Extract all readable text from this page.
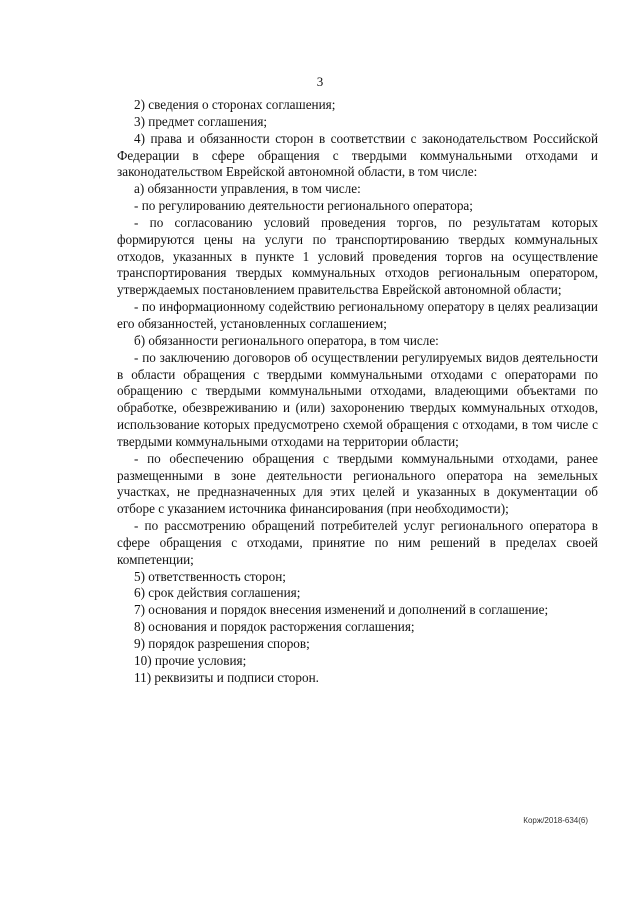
3

2) сведения о сторонах соглашения;

3) предмет соглашения;

4) права и обязанности сторон в соответствии с законодательством Российской Федерации в сфере обращения с твердыми коммунальными отходами и законодательством Еврейской автономной области, в том числе:

а) обязанности управления, в том числе:

- по регулированию деятельности регионального оператора;

- по согласованию условий проведения торгов, по результатам которых формируются цены на услуги по транспортированию твердых коммунальных отходов, указанных в пункте 1 условий проведения торгов на осуществление транспортирования твердых коммунальных отходов региональным оператором, утверждаемых постановлением правительства Еврейской автономной области;

- по информационному содействию региональному оператору в целях реализации его обязанностей, установленных соглашением;

б) обязанности регионального оператора, в том числе:

- по заключению договоров об осуществлении регулируемых видов деятельности в области обращения с твердыми коммунальными отходами с операторами по обращению с твердыми коммунальными отходами, владеющими объектами по обработке, обезвреживанию и (или) захоронению твердых коммунальных отходов, использование которых предусмотрено схемой обращения с отходами, в том числе с твердыми коммунальными отходами на территории области;

- по обеспечению обращения с твердыми коммунальными отходами, ранее размещенными в зоне деятельности регионального оператора на земельных участках, не предназначенных для этих целей и указанных в документации об отборе с указанием источника финансирования (при необходимости);

- по рассмотрению обращений потребителей услуг регионального оператора в сфере обращения с отходами, принятие по ним решений в пределах своей компетенции;

5) ответственность сторон;

6) срок действия соглашения;

7) основания и порядок внесения изменений и дополнений в соглашение;

8) основания и порядок расторжения соглашения;

9) порядок разрешения споров;

10) прочие условия;

11) реквизиты и подписи сторон.

Корж/2018-634(6)
